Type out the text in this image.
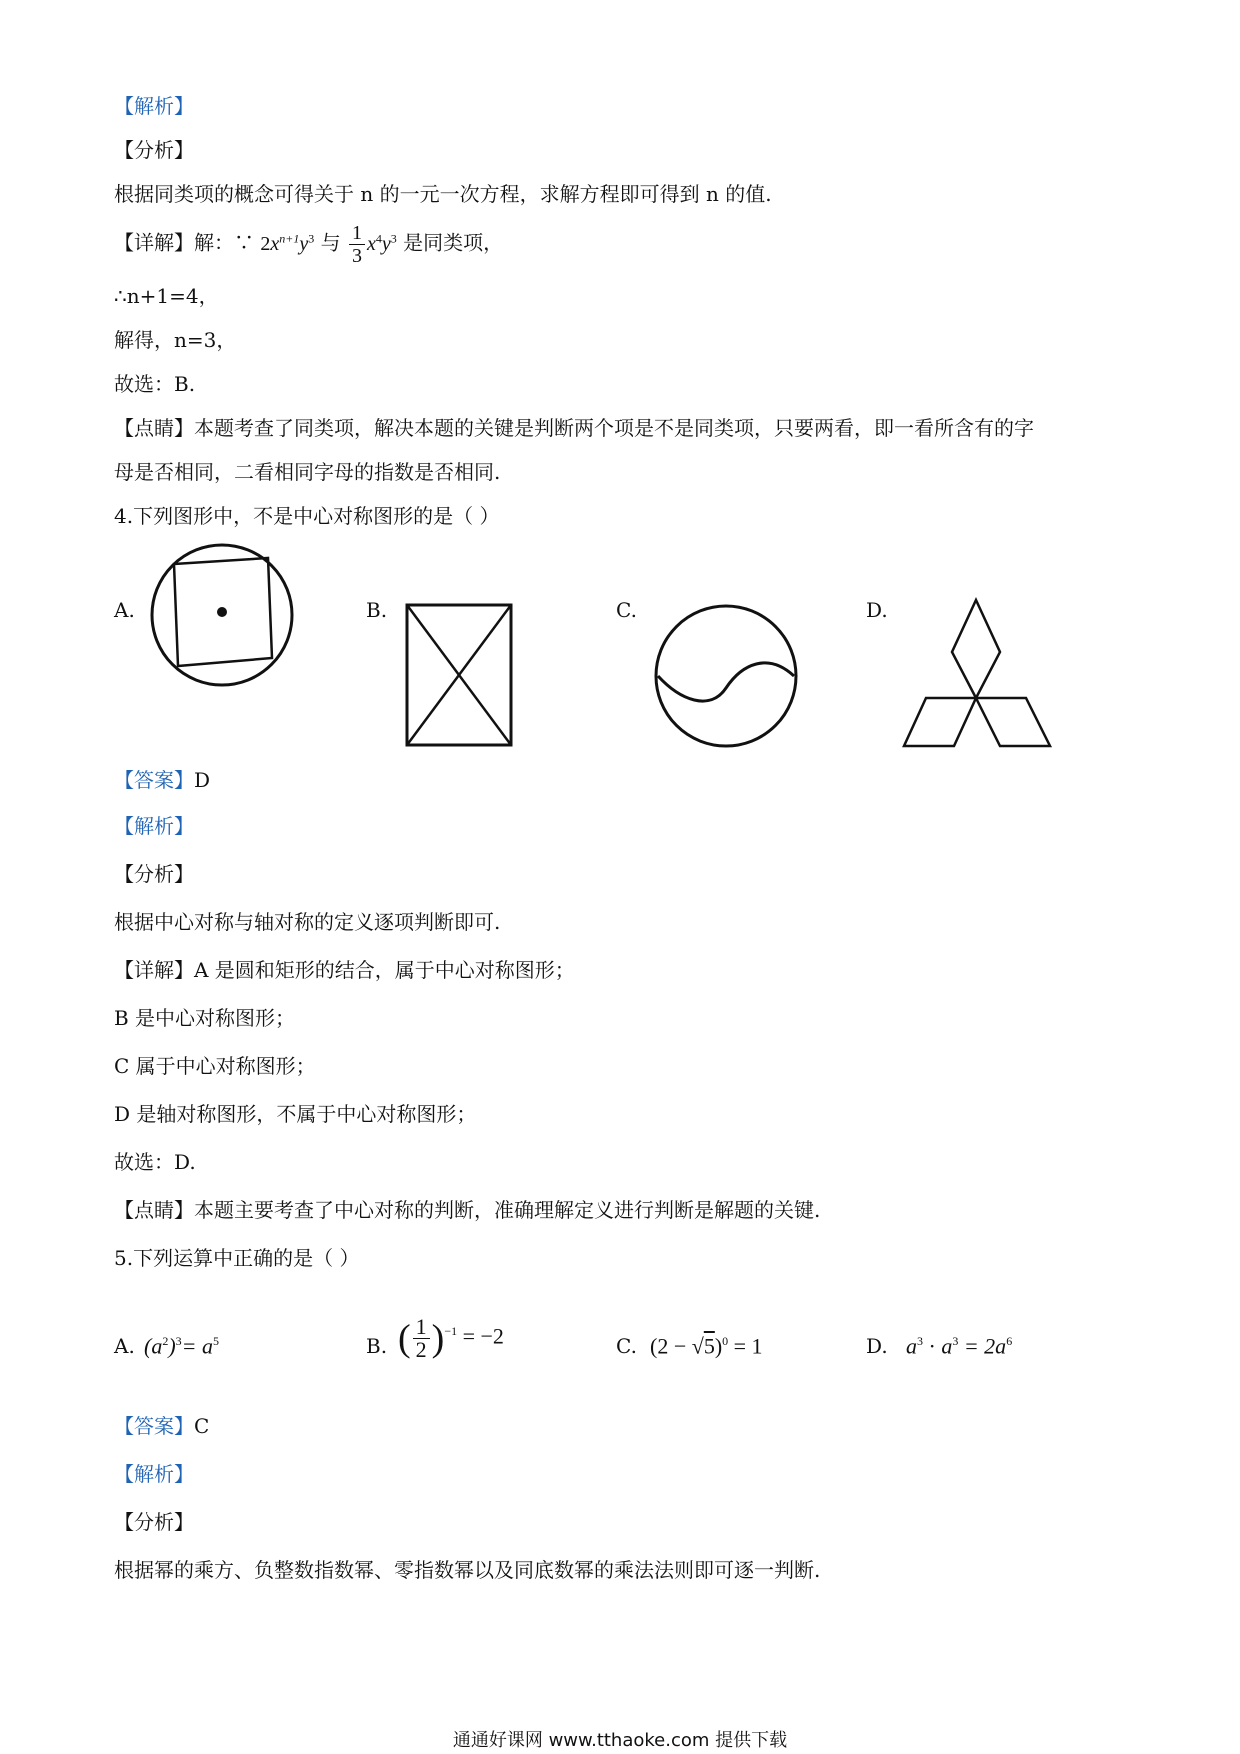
【解析】
【分析】
根据同类项的概念可得关于 n 的一元一次方程，求解方程即可得到 n 的值.
【详解】解：∵ $2x^{n+1}y^3$ 与 $\frac{1}{3} x^4y^3$ 是同类项，
∴n+1=4，
解得，n=3，
故选：B.
【点睛】本题考查了同类项，解决本题的关键是判断两个项是不是同类项，只要两看，即一看所含有的字
母是否相同，二看相同字母的指数是否相同.
4.下列图形中，不是中心对称图形的是（ ）
A.	B.	C.	D.
【答案】D
【解析】
【分析】
根据中心对称与轴对称的定义逐项判断即可.
【详解】A 是圆和矩形的结合，属于中心对称图形；
B 是中心对称图形；
C 属于中心对称图形；
D 是轴对称图形，不属于中心对称图形；
故选：D.
【点睛】本题主要考查了中心对称的判断，准确理解定义进行判断是解题的关键.
5.下列运算中正确的是（ ）
A. $(a^2)^3= a^5$	B. ( $\frac{1}{2} )^{-1} = -2$	C. $(2 - √5)^0 = 1$	D. $a^3 \cdot a^3 = 2a^6$
【答案】C
【解析】
【分析】
根据幂的乘方、负整数指数幂、零指数幂以及同底数幂的乘法法则即可逐一判断.
通通好课网 www.tthaoke.com 提供下载
